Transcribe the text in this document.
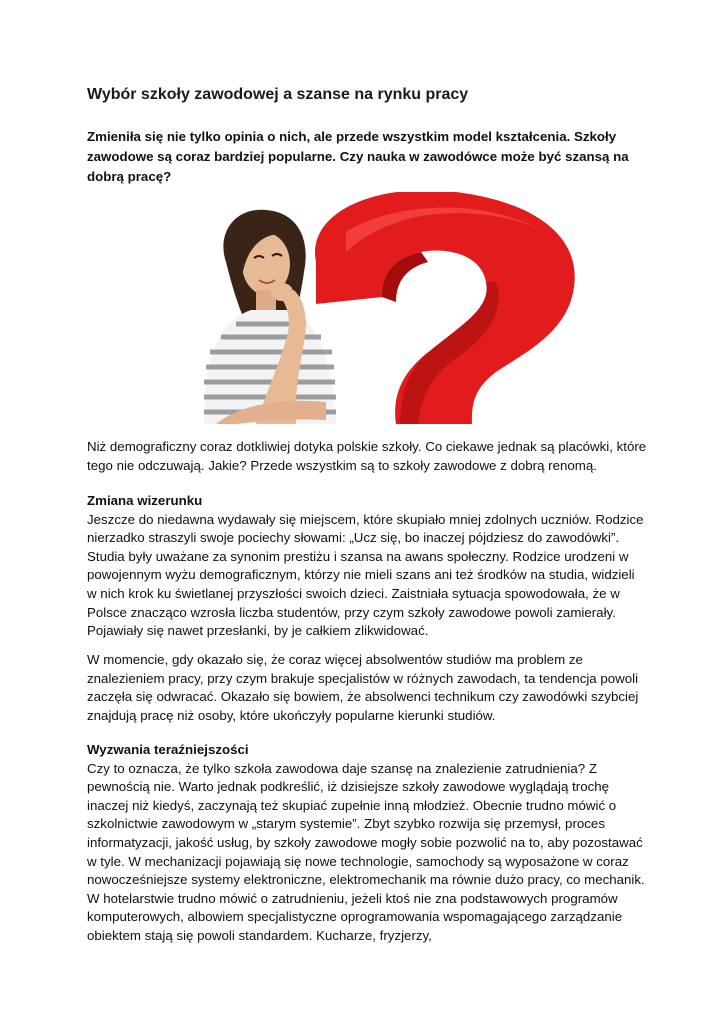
Wybór szkoły zawodowej a szanse na rynku pracy
Zmieniła się nie tylko opinia o nich, ale przede wszystkim model kształcenia. Szkoły zawodowe są coraz bardziej popularne. Czy nauka w zawodówce może być szansą na dobrą pracę?

Niż demograficzny coraz dotkliwiej dotyka polskie szkoły. Co ciekawe jednak są placówki, które tego nie odczuwają. Jakie? Przede wszystkim są to szkoły zawodowe z dobrą renomą.

Zmiana wizerunku

Jeszcze do niedawna wydawały się miejscem, które skupiało mniej zdolnych uczniów. Rodzice nierzadko straszyli swoje pociechy słowami: „Ucz się, bo inaczej pójdziesz do zawodówki”. Studia były uważane za synonim prestiżu i szansa na awans społeczny. Rodzice urodzeni w powojennym wyżu demograficznym, którzy nie mieli szans ani też środków na studia, widzieli w nich krok ku świetlanej przyszłości swoich dzieci. Zaistniała sytuacja spowodowała, że w Polsce znacząco wzrosła liczba studentów, przy czym szkoły zawodowe powoli zamierały. Pojawiały się nawet przesłanki, by je całkiem zlikwidować.

W momencie, gdy okazało się, że coraz więcej absolwentów studiów ma problem ze znalezieniem pracy, przy czym brakuje specjalistów w różnych zawodach, ta tendencja powoli zaczęła się odwracać. Okazało się bowiem, że absolwenci technikum czy zawodówki szybciej znajdują pracę niż osoby, które ukończyły popularne kierunki studiów.

Wyzwania teraźniejszości

Czy to oznacza, że tylko szkoła zawodowa daje szansę na znalezienie zatrudnienia? Z pewnością nie. Warto jednak podkreślić, iż dzisiejsze szkoły zawodowe wyglądają trochę inaczej niż kiedyś, zaczynają też skupiać zupełnie inną młodzież. Obecnie trudno mówić o szkolnictwie zawodowym w „starym systemie”. Zbyt szybko rozwija się przemysł, proces informatyzacji, jakość usług, by szkoły zawodowe mogły sobie pozwolić na to, aby pozostawać w tyle. W mechanizacji pojawiają się nowe technologie, samochody są wyposażone w coraz nowocześniejsze systemy elektroniczne, elektromechanik ma równie dużo pracy, co mechanik. W hotelarstwie trudno mówić o zatrudnieniu, jeżeli ktoś nie zna podstawowych programów komputerowych, albowiem specjalistyczne oprogramowania wspomagającego zarządzanie obiektem stają się powoli standardem. Kucharze, fryzjerzy,
